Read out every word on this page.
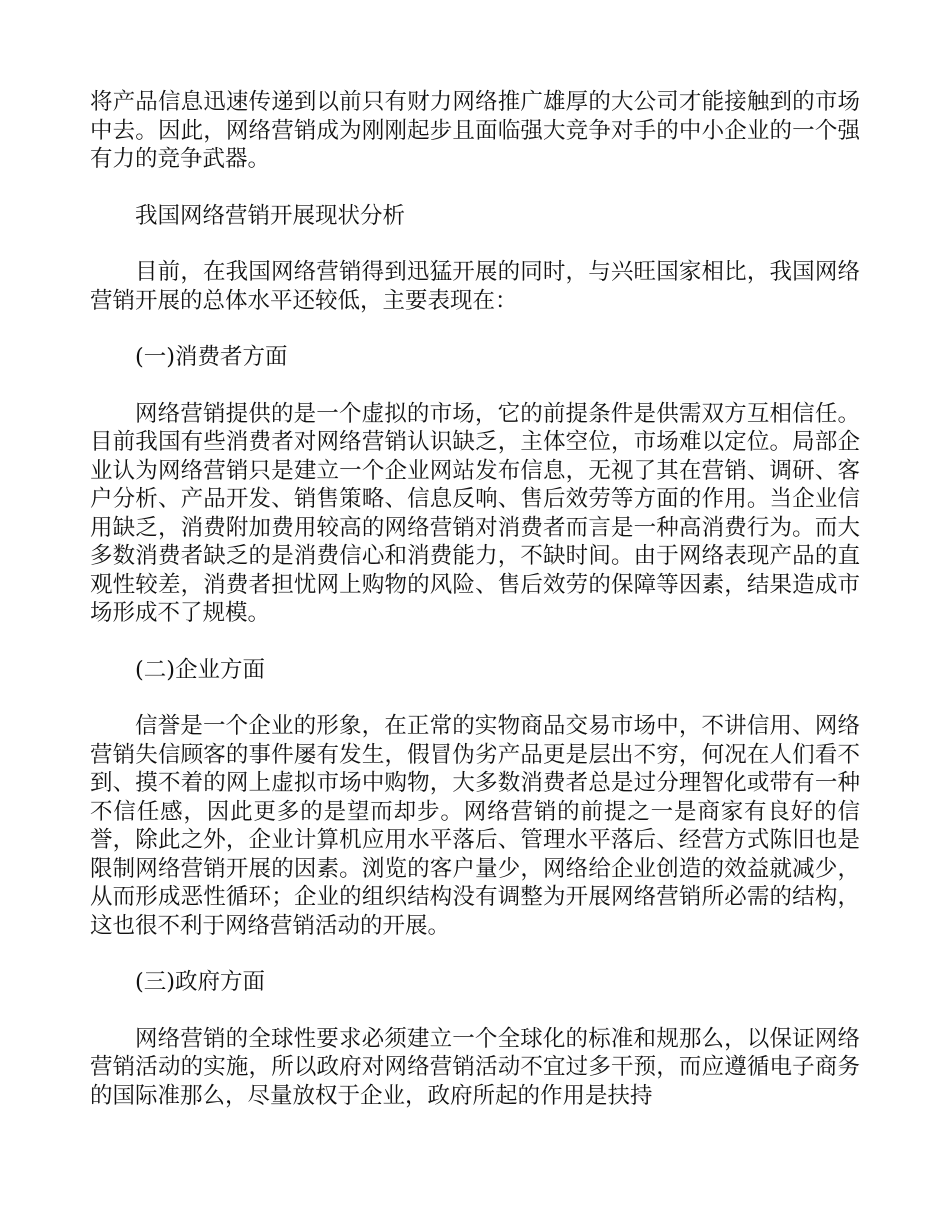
将产品信息迅速传递到以前只有财力网络推广雄厚的大公司才能接触到的市场中去。因此，网络营销成为刚刚起步且面临强大竞争对手的中小企业的一个强有力的竞争武器。

我国网络营销开展现状分析

目前，在我国网络营销得到迅猛开展的同时，与兴旺国家相比，我国网络营销开展的总体水平还较低，主要表现在：

(一)消费者方面

网络营销提供的是一个虚拟的市场，它的前提条件是供需双方互相信任。目前我国有些消费者对网络营销认识缺乏，主体空位，市场难以定位。局部企业认为网络营销只是建立一个企业网站发布信息，无视了其在营销、调研、客户分析、产品开发、销售策略、信息反响、售后效劳等方面的作用。当企业信用缺乏，消费附加费用较高的网络营销对消费者而言是一种高消费行为。而大多数消费者缺乏的是消费信心和消费能力，不缺时间。由于网络表现产品的直观性较差，消费者担忧网上购物的风险、售后效劳的保障等因素，结果造成市场形成不了规模。

(二)企业方面

信誉是一个企业的形象，在正常的实物商品交易市场中，不讲信用、网络营销失信顾客的事件屡有发生，假冒伪劣产品更是层出不穷，何况在人们看不到、摸不着的网上虚拟市场中购物，大多数消费者总是过分理智化或带有一种不信任感，因此更多的是望而却步。网络营销的前提之一是商家有良好的信誉，除此之外，企业计算机应用水平落后、管理水平落后、经营方式陈旧也是限制网络营销开展的因素。浏览的客户量少，网络给企业创造的效益就减少，从而形成恶性循环；企业的组织结构没有调整为开展网络营销所必需的结构，这也很不利于网络营销活动的开展。

(三)政府方面

网络营销的全球性要求必须建立一个全球化的标准和规那么，以保证网络营销活动的实施，所以政府对网络营销活动不宜过多干预，而应遵循电子商务的国际准那么，尽量放权于企业，政府所起的作用是扶持
